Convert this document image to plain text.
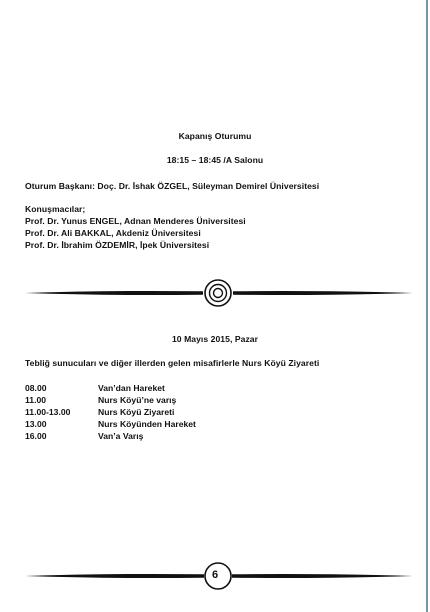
Kapanış Oturumu
18:15 – 18:45 /A Salonu
Oturum Başkanı: Doç. Dr. İshak ÖZGEL, Süleyman Demirel Üniversitesi
Konuşmacılar;
Prof. Dr. Yunus ENGEL, Adnan Menderes Üniversitesi
Prof. Dr. Ali BAKKAL, Akdeniz Üniversitesi
Prof. Dr. İbrahim ÖZDEMİR, İpek Üniversitesi
10 Mayıs 2015, Pazar
Tebliğ sunucuları ve diğer illerden gelen misafirlerle Nurs Köyü Ziyareti
08.00	Van’dan Hareket
11.00	Nurs Köyü’ne varış
11.00-13.00	Nurs Köyü Ziyareti
13.00	Nurs Köyünden Hareket
16.00	Van’a Varış
6
